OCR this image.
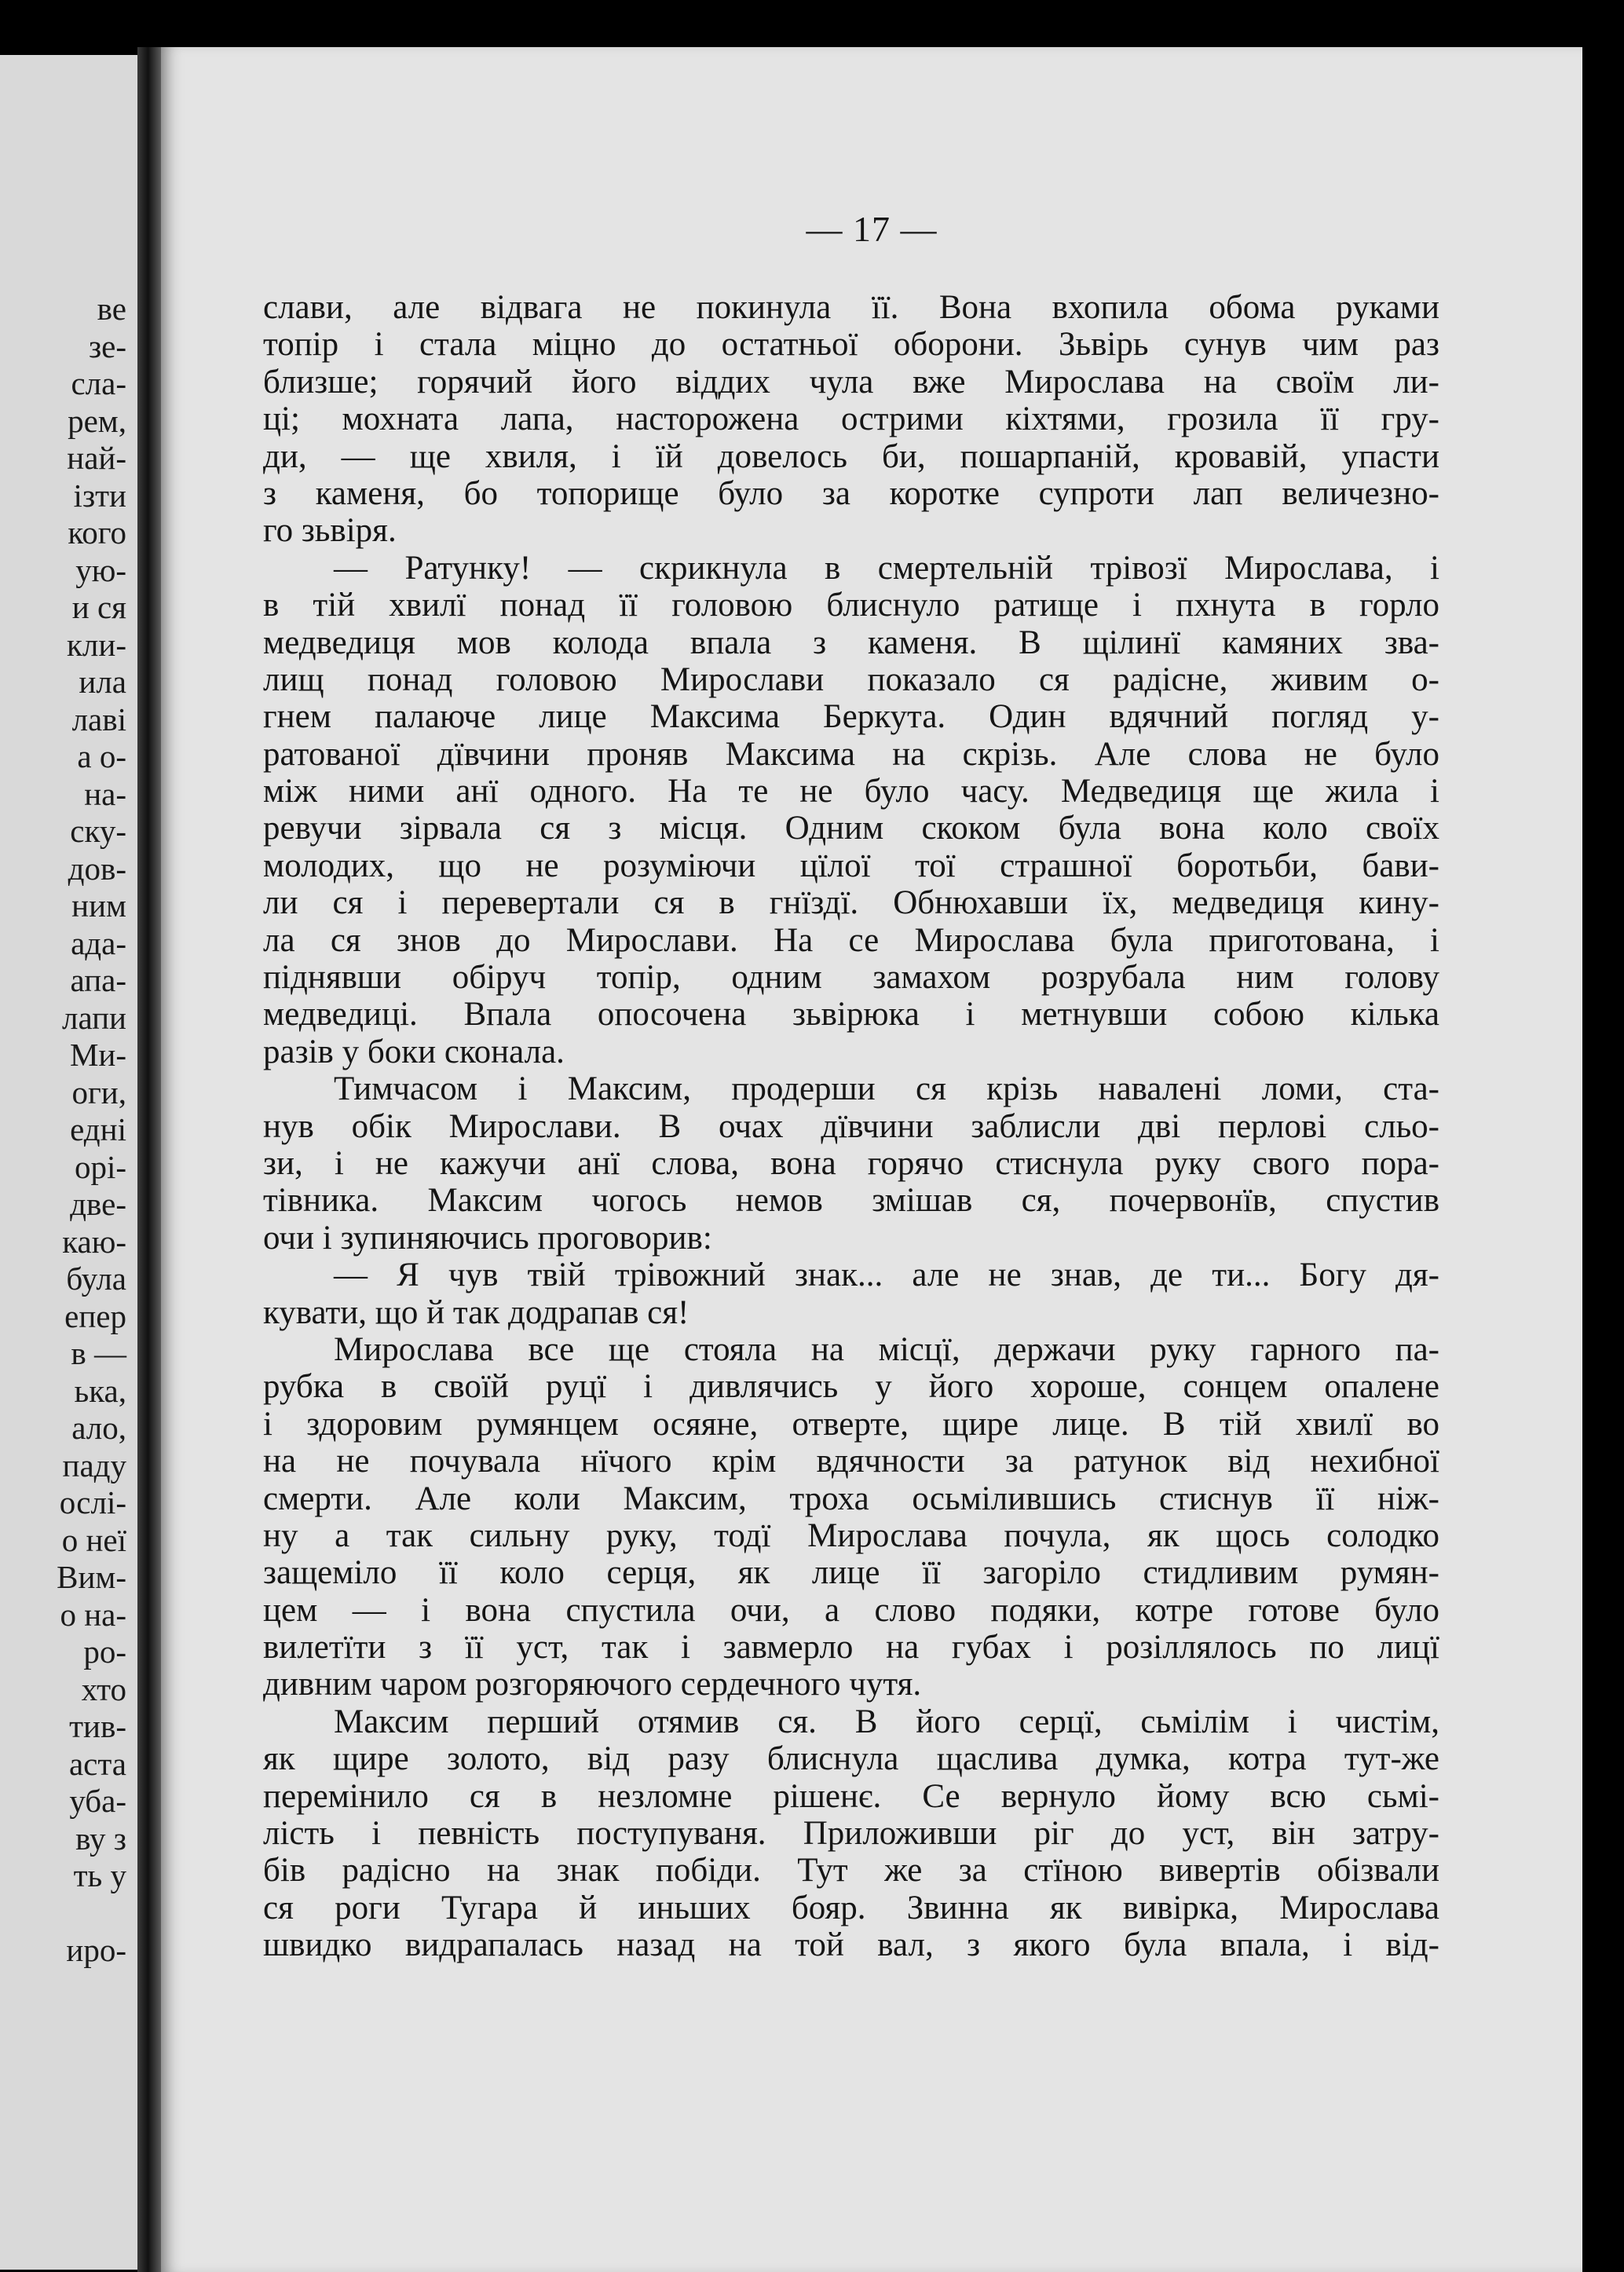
ве
зе-
сла-
рем,
най-
ізти
кого
ую-
и ся
кли-
ила
лаві
а о-
на-
ску-
дов-
ним
ада-
апа-
лапи
Ми-
оги,
едні
орі-
две-
каю-
була
епер
в —
ька,
ало,
паду
ослі-
о неї
Вим-
о на-
ро-
хто
тив-
аста
уба-
ву з
ть у
иро-
— 17 —
слави, але відвага не покинула її. Вона вхопила обома руками
топір і стала міцно до остатньої оборони. Зьвірь сунув чим раз
близше; горячий його віддих чула вже Мирослава на своїм ли-
ці; мохната лапа, насторожена острими кіхтями, грозила її гру-
ди, — ще хвиля, і їй довелось би, пошарпаній, кровавій, упасти
з каменя, бо топорище було за коротке супроти лап величезно-
го зьвіря.
— Ратунку! — скрикнула в смертельній трівозї Мирослава, і
в тій хвилї понад її головою блиснуло ратище і пхнута в горло
медведиця мов колода впала з каменя. В щілинї камяних зва-
лищ понад головою Мирослави показало ся радісне, живим о-
гнем палаюче лице Максима Беркута. Один вдячний погляд у-
ратованої дївчини проняв Максима на скрізь. Але слова не було
між ними анї одного. На те не було часу. Медведиця ще жила і
ревучи зірвала ся з місця. Одним скоком була вона коло своїх
молодих, що не розуміючи цїлої тої страшної боротьби, бави-
ли ся і перевертали ся в гнїздї. Обнюхавши їх, медведиця кину-
ла ся знов до Мирослави. На се Мирослава була приготована, і
піднявши обіруч топір, одним замахом розрубала ним голову
медведиці. Впала опосочена зьвірюка і метнувши собою кілька
разів у боки сконала.
Тимчасом і Максим, продерши ся крізь навалені ломи, ста-
нув обік Мирослави. В очах дївчини заблисли дві перлові сльо-
зи, і не кажучи анї слова, вона горячо стиснула руку свого пора-
тівника. Максим чогось немов змішав ся, почервонїв, спустив
очи і зупиняючись проговорив:
— Я чув твій трівожний знак... але не знав, де ти... Богу дя-
кувати, що й так додрапав ся!
Мирослава все ще стояла на місцї, держачи руку гарного па-
рубка в своїй руцї і дивлячись у його хороше, сонцем опалене
і здоровим румянцем осяяне, отверте, щире лице. В тій хвилї во
на не почувала нїчого крім вдячности за ратунок від нехибної
смерти. Але коли Максим, троха осьмілившись стиснув її ніж-
ну а так сильну руку, тодї Мирослава почула, як щось солодко
защеміло її коло серця, як лице її загоріло стидливим румян-
цем — і вона спустила очи, а слово подяки, котре готове було
вилетїти з її уст, так і завмерло на губах і розіллялось по лицї
дивним чаром розгоряючого сердечного чутя.
Максим перший отямив ся. В його серцї, сьмілім і чистім,
як щире золото, від разу блиснула щаслива думка, котра тут-же
перемінило ся в незломне рішенє. Се вернуло йому всю сьмі-
лість і певність поступуваня. Приложивши ріг до уст, він затру-
бів радісно на знак побіди. Тут же за стїною вивертів обізвали
ся роги Тугара й иньших бояр. Звинна як вивірка, Мирослава
швидко видрапалась назад на той вал, з якого була впала, і від-
